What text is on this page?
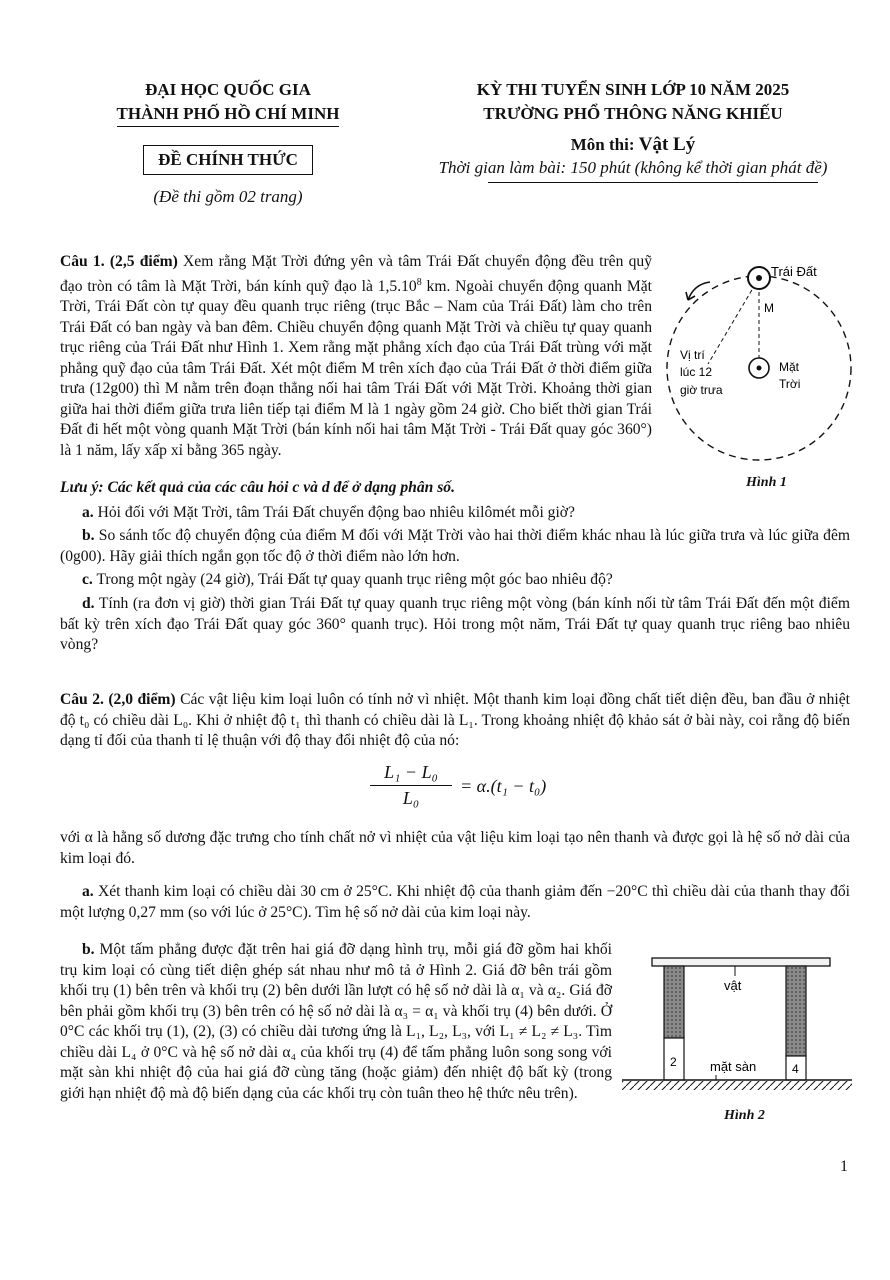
ĐẠI HỌC QUỐC GIA
THÀNH PHỐ HỒ CHÍ MINH
ĐỀ CHÍNH THỨC
(Đề thi gồm 02 trang)
KỲ THI TUYỂN SINH LỚP 10 NĂM 2025
TRƯỜNG PHỔ THÔNG NĂNG KHIẾU
Môn thi: Vật Lý
Thời gian làm bài: 150 phút (không kể thời gian phát đề)
Câu 1. (2,5 điểm) Xem rằng Mặt Trời đứng yên và tâm Trái Đất chuyển động đều trên quỹ đạo tròn có tâm là Mặt Trời, bán kính quỹ đạo là 1,5.10$^8$ km. Ngoài chuyển động quanh Mặt Trời, Trái Đất còn tự quay đều quanh trục riêng (trục Bắc – Nam của Trái Đất) làm cho trên Trái Đất có ban ngày và ban đêm. Chiều chuyển động quanh Mặt Trời và chiều tự quay quanh trục riêng của Trái Đất như Hình 1. Xem rằng mặt phẳng xích đạo của Trái Đất trùng với mặt phẳng quỹ đạo của tâm Trái Đất. Xét một điểm M trên xích đạo của Trái Đất ở thời điểm giữa trưa (12g00) thì M nằm trên đoạn thẳng nối hai tâm Trái Đất với Mặt Trời. Khoảng thời gian giữa hai thời điểm giữa trưa liên tiếp tại điểm M là 1 ngày gồm 24 giờ. Cho biết thời gian Trái Đất đi hết một vòng quanh Mặt Trời (bán kính nối hai tâm Mặt Trời - Trái Đất quay góc 360°) là 1 năm, lấy xấp xỉ bằng 365 ngày.
Lưu ý: Các kết quả của các câu hỏi c và d để ở dạng phân số.
Trái Đất
M
Vị trí
lúc 12
giờ trưa
Mặt
Trời
Hình 1
a. Hỏi đối với Mặt Trời, tâm Trái Đất chuyển động bao nhiêu kilômét mỗi giờ?
b. So sánh tốc độ chuyển động của điểm M đối với Mặt Trời vào hai thời điểm khác nhau là lúc giữa trưa và lúc giữa đêm (0g00). Hãy giải thích ngắn gọn tốc độ ở thời điểm nào lớn hơn.
c. Trong một ngày (24 giờ), Trái Đất tự quay quanh trục riêng một góc bao nhiêu độ?
d. Tính (ra đơn vị giờ) thời gian Trái Đất tự quay quanh trục riêng một vòng (bán kính nối từ tâm Trái Đất đến một điểm bất kỳ trên xích đạo Trái Đất quay góc 360° quanh trục). Hỏi trong một năm, Trái Đất tự quay quanh trục riêng bao nhiêu vòng?
Câu 2. (2,0 điểm) Các vật liệu kim loại luôn có tính nở vì nhiệt. Một thanh kim loại đồng chất tiết diện đều, ban đầu ở nhiệt độ t₀ có chiều dài L₀. Khi ở nhiệt độ t₁ thì thanh có chiều dài là L₁. Trong khoảng nhiệt độ khảo sát ở bài này, coi rằng độ biến dạng tỉ đối của thanh tỉ lệ thuận với độ thay đổi nhiệt độ của nó:
$\frac{\text{L₁ − L₀}}{\text{L₀}} = \alpha.(t_1 - t_0)$
với α là hằng số dương đặc trưng cho tính chất nở vì nhiệt của vật liệu kim loại tạo nên thanh và được gọi là hệ số nở dài của kim loại đó.
a. Xét thanh kim loại có chiều dài 30 cm ở 25°C. Khi nhiệt độ của thanh giảm đến −20°C thì chiều dài của thanh thay đổi một lượng 0,27 mm (so với lúc ở 25°C). Tìm hệ số nở dài của kim loại này.
b. Một tấm phẳng được đặt trên hai giá đỡ dạng hình trụ, mỗi giá đỡ gồm hai khối trụ kim loại có cùng tiết diện ghép sát nhau như mô tả ở Hình 2. Giá đỡ bên trái gồm khối trụ (1) bên trên và khối trụ (2) bên dưới lần lượt có hệ số nở dài là α₁ và α₂. Giá đỡ bên phải gồm khối trụ (3) bên trên có hệ số nở dài là α₃ = α₁ và khối trụ (4) bên dưới. Ở 0°C các khối trụ (1), (2), (3) có chiều dài tương ứng là L₁, L₂, L₃, với L₁ ≠ L₂ ≠ L₃. Tìm chiều dài L₄ ở 0°C và hệ số nở dài α₄ của khối trụ (4) để tấm phẳng luôn song song với mặt sàn khi nhiệt độ của hai giá đỡ cùng tăng (hoặc giảm) đến nhiệt độ bất kỳ (trong giới hạn nhiệt độ mà độ biến dạng của các khối trụ còn tuân theo hệ thức nêu trên).
vật
mặt sàn
2	4
Hình 2
1
